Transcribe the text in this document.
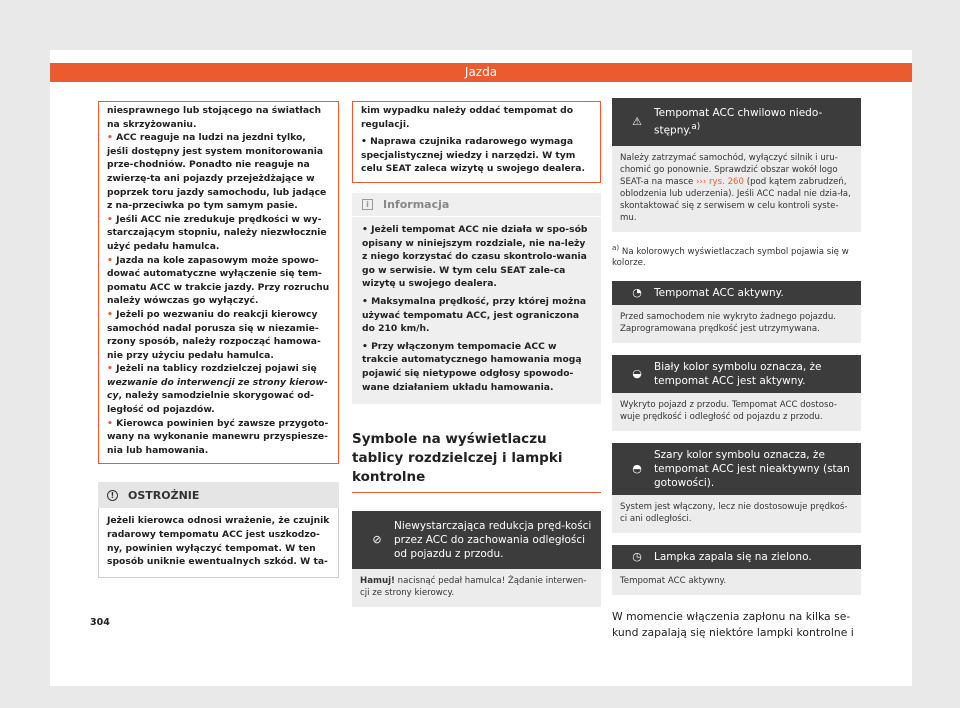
Jazda

niesprawnego lub stojącego na światłach na skrzyżowaniu.

• ACC reaguje na ludzi na jezdni tylko, jeśli dostępny jest system monitorowania prze-chodniów. Ponadto nie reaguje na zwierzę-ta ani pojazdy przejeżdżające w poprzek toru jazdy samochodu, lub jadące z na-przeciwka po tym samym pasie.

• Jeśli ACC nie zredukuje prędkości w wy-starczającym stopniu, należy niezwłocznie użyć pedału hamulca.

• Jazda na kole zapasowym może spowo-dować automatyczne wyłączenie się tem-pomatu ACC w trakcie jazdy. Przy rozruchu należy wówczas go wyłączyć.

• Jeżeli po wezwaniu do reakcji kierowcy samochód nadal porusza się w niezamie-rzony sposób, należy rozpocząć hamowa-nie przy użyciu pedału hamulca.

• Jeżeli na tablicy rozdzielczej pojawi się wezwanie do interwencji ze strony kierow-cy, należy samodzielnie skorygować od-ległość od pojazdów.

• Kierowca powinien być zawsze przygoto-wany na wykonanie manewru przyspiesze-nia lub hamowania.

!	OSTROŻNIE
Jeżeli kierowca odnosi wrażenie, że czujnik radarowy tempomatu ACC jest uszkodzo-ny, powinien wyłączyć tempomat. W ten sposób uniknie ewentualnych szkód. W ta-

kim wypadku należy oddać tempomat do regulacji.

• Naprawa czujnika radarowego wymaga specjalistycznej wiedzy i narzędzi. W tym celu SEAT zaleca wizytę u swojego dealera.

i	Informacja

• Jeżeli tempomat ACC nie działa w spo-sób opisany w niniejszym rozdziale, nie na-leży z niego korzystać do czasu skontrolo-wania go w serwisie. W tym celu SEAT zale-ca wizytę u swojego dealera.

• Maksymalna prędkość, przy której można używać tempomatu ACC, jest ograniczona do 210 km/h.

• Przy włączonym tempomacie ACC w trakcie automatycznego hamowania mogą pojawić się nietypowe odgłosy spowodo-wane działaniem układu hamowania.

Symbole na wyświetlaczu tablicy rozdzielczej i lampki kontrolne
⊘
Niewystarczająca redukcja pręd-kości przez ACC do zachowania odległości od pojazdu z przodu.
Hamuj! nacisnąć pedał hamulca! Żądanie interwen-cji ze strony kierowcy.
⚠
Tempomat ACC chwilowo niedo-stępny.$^{a)}$
Należy zatrzymać samochód, wyłączyć silnik i uru-chomić go ponownie. Sprawdzić obszar wokół logo SEAT-a na masce ››› rys. 260 (pod kątem zabrudzeń, oblodzenia lub uderzenia). Jeśli ACC nadal nie dzia-ła, skontaktować się z serwisem w celu kontroli syste-mu.
$^{a)}$ Na kolorowych wyświetlaczach symbol pojawia się w kolorze.
◔	Tempomat ACC aktywny.
Przed samochodem nie wykryto żadnego pojazdu. Zaprogramowana prędkość jest utrzymywana.
◒	Biały kolor symbolu oznacza, że tempomat ACC jest aktywny.
Wykryto pojazd z przodu. Tempomat ACC dostoso-wuje prędkość i odległość od pojazdu z przodu.
◓
Szary kolor symbolu oznacza, że tempomat ACC jest nieaktywny (stan gotowości).
System jest włączony, lecz nie dostosowuje prędkoś-ci ani odległości.
◷	Lampka zapala się na zielono.
Tempomat ACC aktywny.

W momencie włączenia zapłonu na kilka se-kund zapalają się niektóre lampki kontrolne i

304
